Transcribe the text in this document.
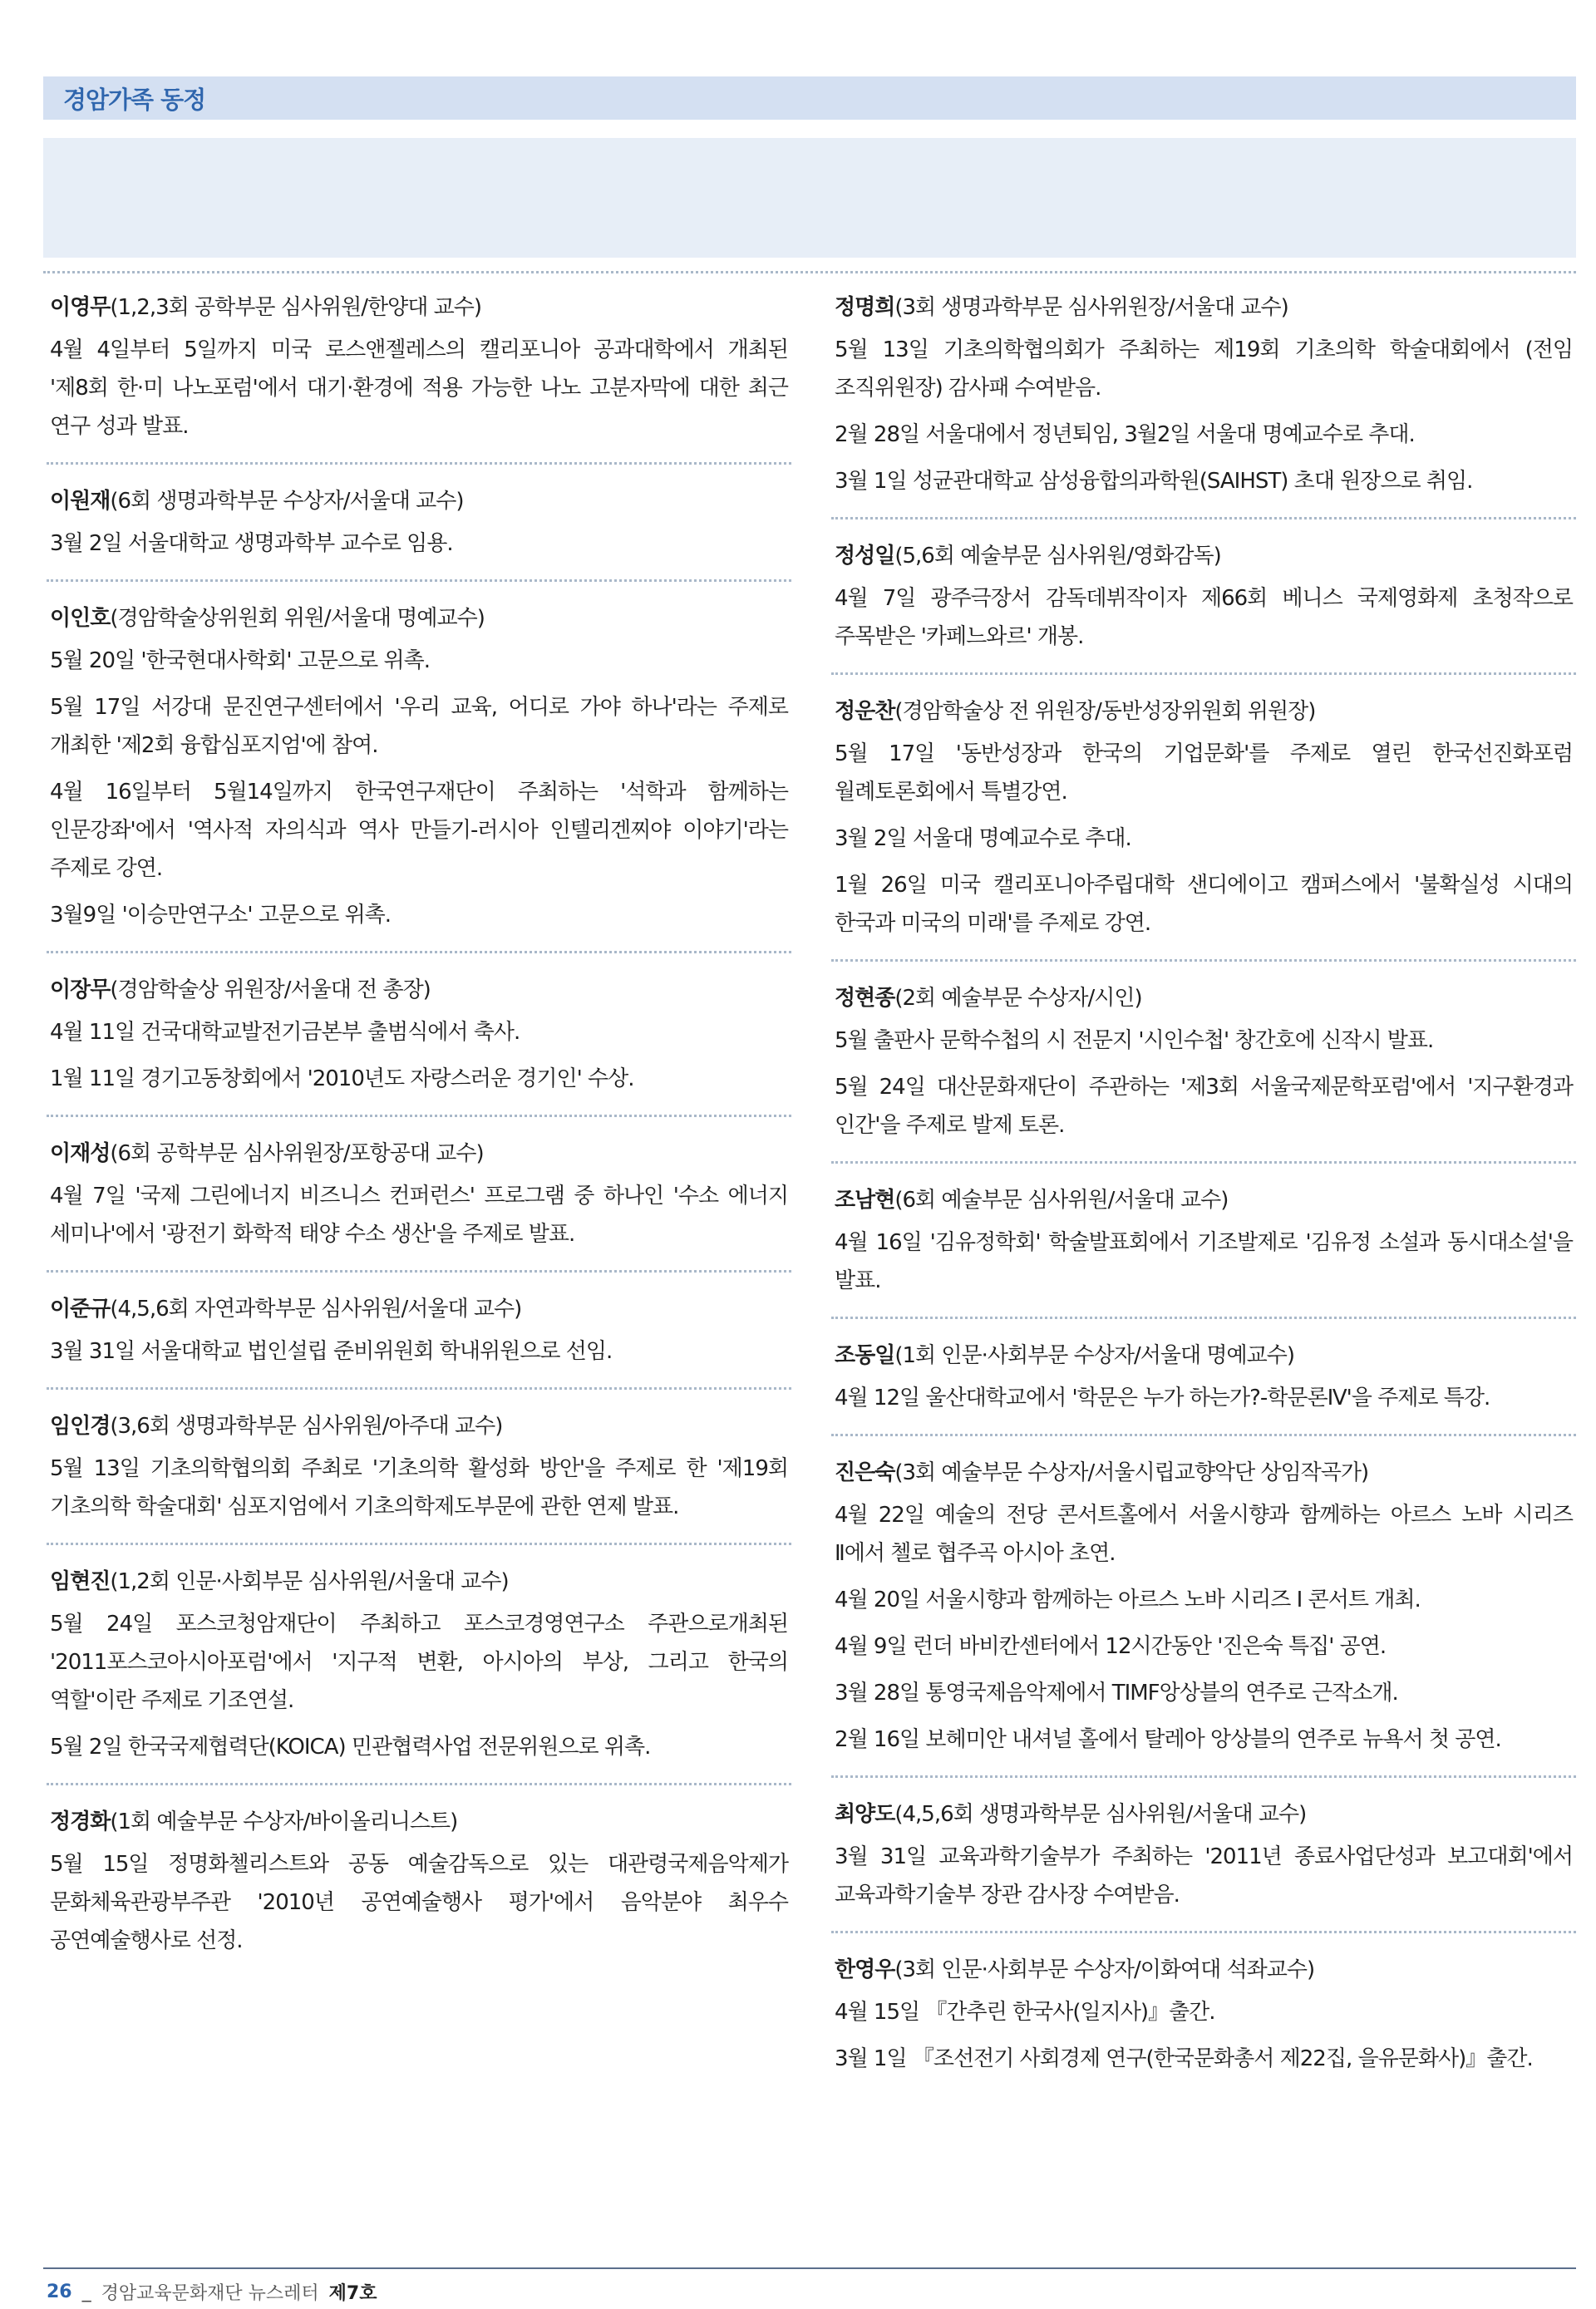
경암가족 동정
이영무(1,2,3회 공학부문 심사위원/한양대 교수)
4월 4일부터 5일까지 미국 로스앤젤레스의 캘리포니아 공과대학에서 개최된 '제8회 한·미 나노포럼'에서 대기·환경에 적용 가능한 나노 고분자막에 대한 최근 연구 성과 발표.
이원재(6회 생명과학부문 수상자/서울대 교수)
3월 2일 서울대학교 생명과학부 교수로 임용.
이인호(경암학술상위원회 위원/서울대 명예교수)
5월 20일 '한국현대사학회' 고문으로 위촉.
5월 17일 서강대 문진연구센터에서 '우리 교육, 어디로 가야 하나'라는 주제로 개최한 '제2회 융합심포지엄'에 참여.
4월 16일부터 5월14일까지 한국연구재단이 주최하는 '석학과 함께하는 인문강좌'에서 '역사적 자의식과 역사 만들기-러시아 인텔리겐찌야 이야기'라는 주제로 강연.
3월9일 '이승만연구소' 고문으로 위촉.
이장무(경암학술상 위원장/서울대 전 총장)
4월 11일 건국대학교발전기금본부 출범식에서 축사.
1월 11일 경기고동창회에서 '2010년도 자랑스러운 경기인' 수상.
이재성(6회 공학부문 심사위원장/포항공대 교수)
4월 7일 '국제 그린에너지 비즈니스 컨퍼런스' 프로그램 중 하나인 '수소 에너지 세미나'에서 '광전기 화학적 태양 수소 생산'을 주제로 발표.
이준규(4,5,6회 자연과학부문 심사위원/서울대 교수)
3월 31일 서울대학교 법인설립 준비위원회 학내위원으로 선임.
임인경(3,6회 생명과학부문 심사위원/아주대 교수)
5월 13일 기초의학협의회 주최로 '기초의학 활성화 방안'을 주제로 한 '제19회 기초의학 학술대회' 심포지엄에서 기초의학제도부문에 관한 연제 발표.
임현진(1,2회 인문·사회부문 심사위원/서울대 교수)
5월 24일 포스코청암재단이 주최하고 포스코경영연구소 주관으로개최된 '2011포스코아시아포럼'에서 '지구적 변환, 아시아의 부상, 그리고 한국의 역할'이란 주제로 기조연설.
5월 2일 한국국제협력단(KOICA) 민관협력사업 전문위원으로 위촉.
정경화(1회 예술부문 수상자/바이올리니스트)
5월 15일 정명화첼리스트와 공동 예술감독으로 있는 대관령국제음악제가 문화체육관광부주관 '2010년 공연예술행사 평가'에서 음악분야 최우수 공연예술행사로 선정.
정명희(3회 생명과학부문 심사위원장/서울대 교수)
5월 13일 기초의학협의회가 주최하는 제19회 기초의학 학술대회에서 (전임 조직위원장) 감사패 수여받음.
2월 28일 서울대에서 정년퇴임, 3월2일 서울대 명예교수로 추대.
3월 1일 성균관대학교 삼성융합의과학원(SAIHST) 초대 원장으로 취임.
정성일(5,6회 예술부문 심사위원/영화감독)
4월 7일 광주극장서 감독데뷔작이자 제66회 베니스 국제영화제 초청작으로 주목받은 '카페느와르' 개봉.
정운찬(경암학술상 전 위원장/동반성장위원회 위원장)
5월 17일 '동반성장과 한국의 기업문화'를 주제로 열린 한국선진화포럼 월례토론회에서 특별강연.
3월 2일 서울대 명예교수로 추대.
1월 26일 미국 캘리포니아주립대학 샌디에이고 캠퍼스에서 '불확실성 시대의 한국과 미국의 미래'를 주제로 강연.
정현종(2회 예술부문 수상자/시인)
5월 출판사 문학수첩의 시 전문지 '시인수첩' 창간호에 신작시 발표.
5월 24일 대산문화재단이 주관하는 '제3회 서울국제문학포럼'에서 '지구환경과 인간'을 주제로 발제 토론.
조남현(6회 예술부문 심사위원/서울대 교수)
4월 16일 '김유정학회' 학술발표회에서 기조발제로 '김유정 소설과 동시대소설'을 발표.
조동일(1회 인문·사회부문 수상자/서울대 명예교수)
4월 12일 울산대학교에서 '학문은 누가 하는가?-학문론Ⅳ'을 주제로 특강.
진은숙(3회 예술부문 수상자/서울시립교향악단 상임작곡가)
4월 22일 예술의 전당 콘서트홀에서 서울시향과 함께하는 아르스 노바 시리즈 Ⅱ에서 첼로 협주곡 아시아 초연.
4월 20일 서울시향과 함께하는 아르스 노바 시리즈 Ⅰ 콘서트 개최.
4월 9일 런더 바비칸센터에서 12시간동안 '진은숙 특집' 공연.
3월 28일 통영국제음악제에서 TIMF앙상블의 연주로 근작소개.
2월 16일 보헤미안 내셔널 홀에서 탈레아 앙상블의 연주로 뉴욕서 첫 공연.
최양도(4,5,6회 생명과학부문 심사위원/서울대 교수)
3월 31일 교육과학기술부가 주최하는 '2011년 종료사업단성과 보고대회'에서 교육과학기술부 장관 감사장 수여받음.
한영우(3회 인문·사회부문 수상자/이화여대 석좌교수)
4월 15일 『간추린 한국사(일지사)』출간.
3월 1일 『조선전기 사회경제 연구(한국문화총서 제22집, 을유문화사)』출간.
26 _ 경암교육문화재단 뉴스레터 제7호
